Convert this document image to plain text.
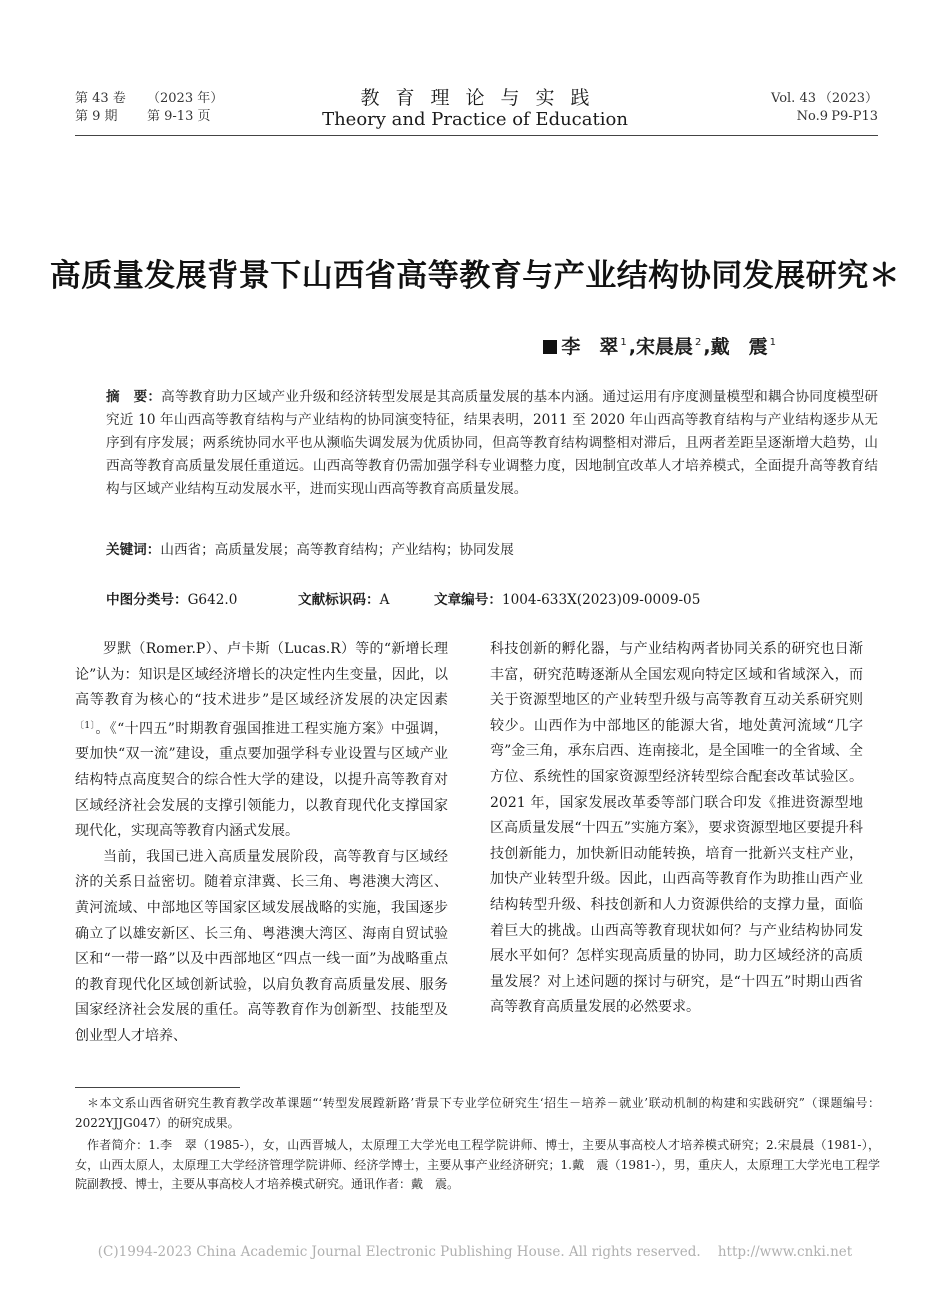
第 43 卷 （2023 年）
第 9 期 第 9-13 页
教育理论与实践
Theory and Practice of Education
Vol. 43 （2023）
No.9 P9-P13
高质量发展背景下山西省高等教育与产业结构协同发展研究＊
李　翠 $^1$ ,宋晨晨 $^2$ ,戴　震 $^1$
摘　要：高等教育助力区域产业升级和经济转型发展是其高质量发展的基本内涵。通过运用有序度测量模型和耦合协同度模型研究近 10 年山西高等教育结构与产业结构的协同演变特征，结果表明，2011 至 2020 年山西高等教育结构与产业结构逐步从无序到有序发展；两系统协同水平也从濒临失调发展为优质协同，但高等教育结构调整相对滞后，且两者差距呈逐渐增大趋势，山西高等教育高质量发展任重道远。山西高等教育仍需加强学科专业调整力度，因地制宜改革人才培养模式，全面提升高等教育结构与区域产业结构互动发展水平，进而实现山西高等教育高质量发展。
关键词：山西省；高质量发展；高等教育结构；产业结构；协同发展
中图分类号：G642.0	文献标识码：A	文章编号：1004-633X(2023)09-0009-05

罗默（Romer.P）、卢卡斯（Lucas.R）等的“新增长理论”认为：知识是区域经济增长的决定性内生变量，因此，以高等教育为核心的“技术进步”是区域经济发展的决定因素$^{〔1〕}$。《“十四五”时期教育强国推进工程实施方案》中强调，要加快“双一流”建设，重点要加强学科专业设置与区域产业结构特点高度契合的综合性大学的建设，以提升高等教育对区域经济社会发展的支撑引领能力，以教育现代化支撑国家现代化，实现高等教育内涵式发展。

当前，我国已进入高质量发展阶段，高等教育与区域经济的关系日益密切。随着京津冀、长三角、粤港澳大湾区、黄河流域、中部地区等国家区域发展战略的实施，我国逐步确立了以雄安新区、长三角、粤港澳大湾区、海南自贸试验区和“一带一路”以及中西部地区“四点一线一面”为战略重点的教育现代化区域创新试验，以肩负教育高质量发展、服务国家经济社会发展的重任。高等教育作为创新型、技能型及创业型人才培养、

科技创新的孵化器，与产业结构两者协同关系的研究也日渐丰富，研究范畴逐渐从全国宏观向特定区域和省域深入，而关于资源型地区的产业转型升级与高等教育互动关系研究则较少。山西作为中部地区的能源大省，地处黄河流域“几字弯”金三角，承东启西、连南接北，是全国唯一的全省域、全方位、系统性的国家资源型经济转型综合配套改革试验区。2021 年，国家发展改革委等部门联合印发《推进资源型地区高质量发展“十四五”实施方案》，要求资源型地区要提升科技创新能力，加快新旧动能转换，培育一批新兴支柱产业，加快产业转型升级。因此，山西高等教育作为助推山西产业结构转型升级、科技创新和人力资源供给的支撑力量，面临着巨大的挑战。山西高等教育现状如何？与产业结构协同发展水平如何？怎样实现高质量的协同，助力区域经济的高质量发展？对上述问题的探讨与研究，是“十四五”时期山西省高等教育高质量发展的必然要求。

＊本文系山西省研究生教育教学改革课题“‘转型发展蹚新路’背景下专业学位研究生‘招生－培养－就业’联动机制的构建和实践研究”（课题编号：2022YJJG047）的研究成果。

作者简介：1.李　翠（1985-），女，山西晋城人，太原理工大学光电工程学院讲师、博士，主要从事高校人才培养模式研究；2.宋晨晨（1981-），女，山西太原人，太原理工大学经济管理学院讲师、经济学博士，主要从事产业经济研究；1.戴　震（1981-），男，重庆人，太原理工大学光电工程学院副教授、博士，主要从事高校人才培养模式研究。通讯作者：戴　震。

(C)1994-2023 China Academic Journal Electronic Publishing House. All rights reserved.    http://www.cnki.net
